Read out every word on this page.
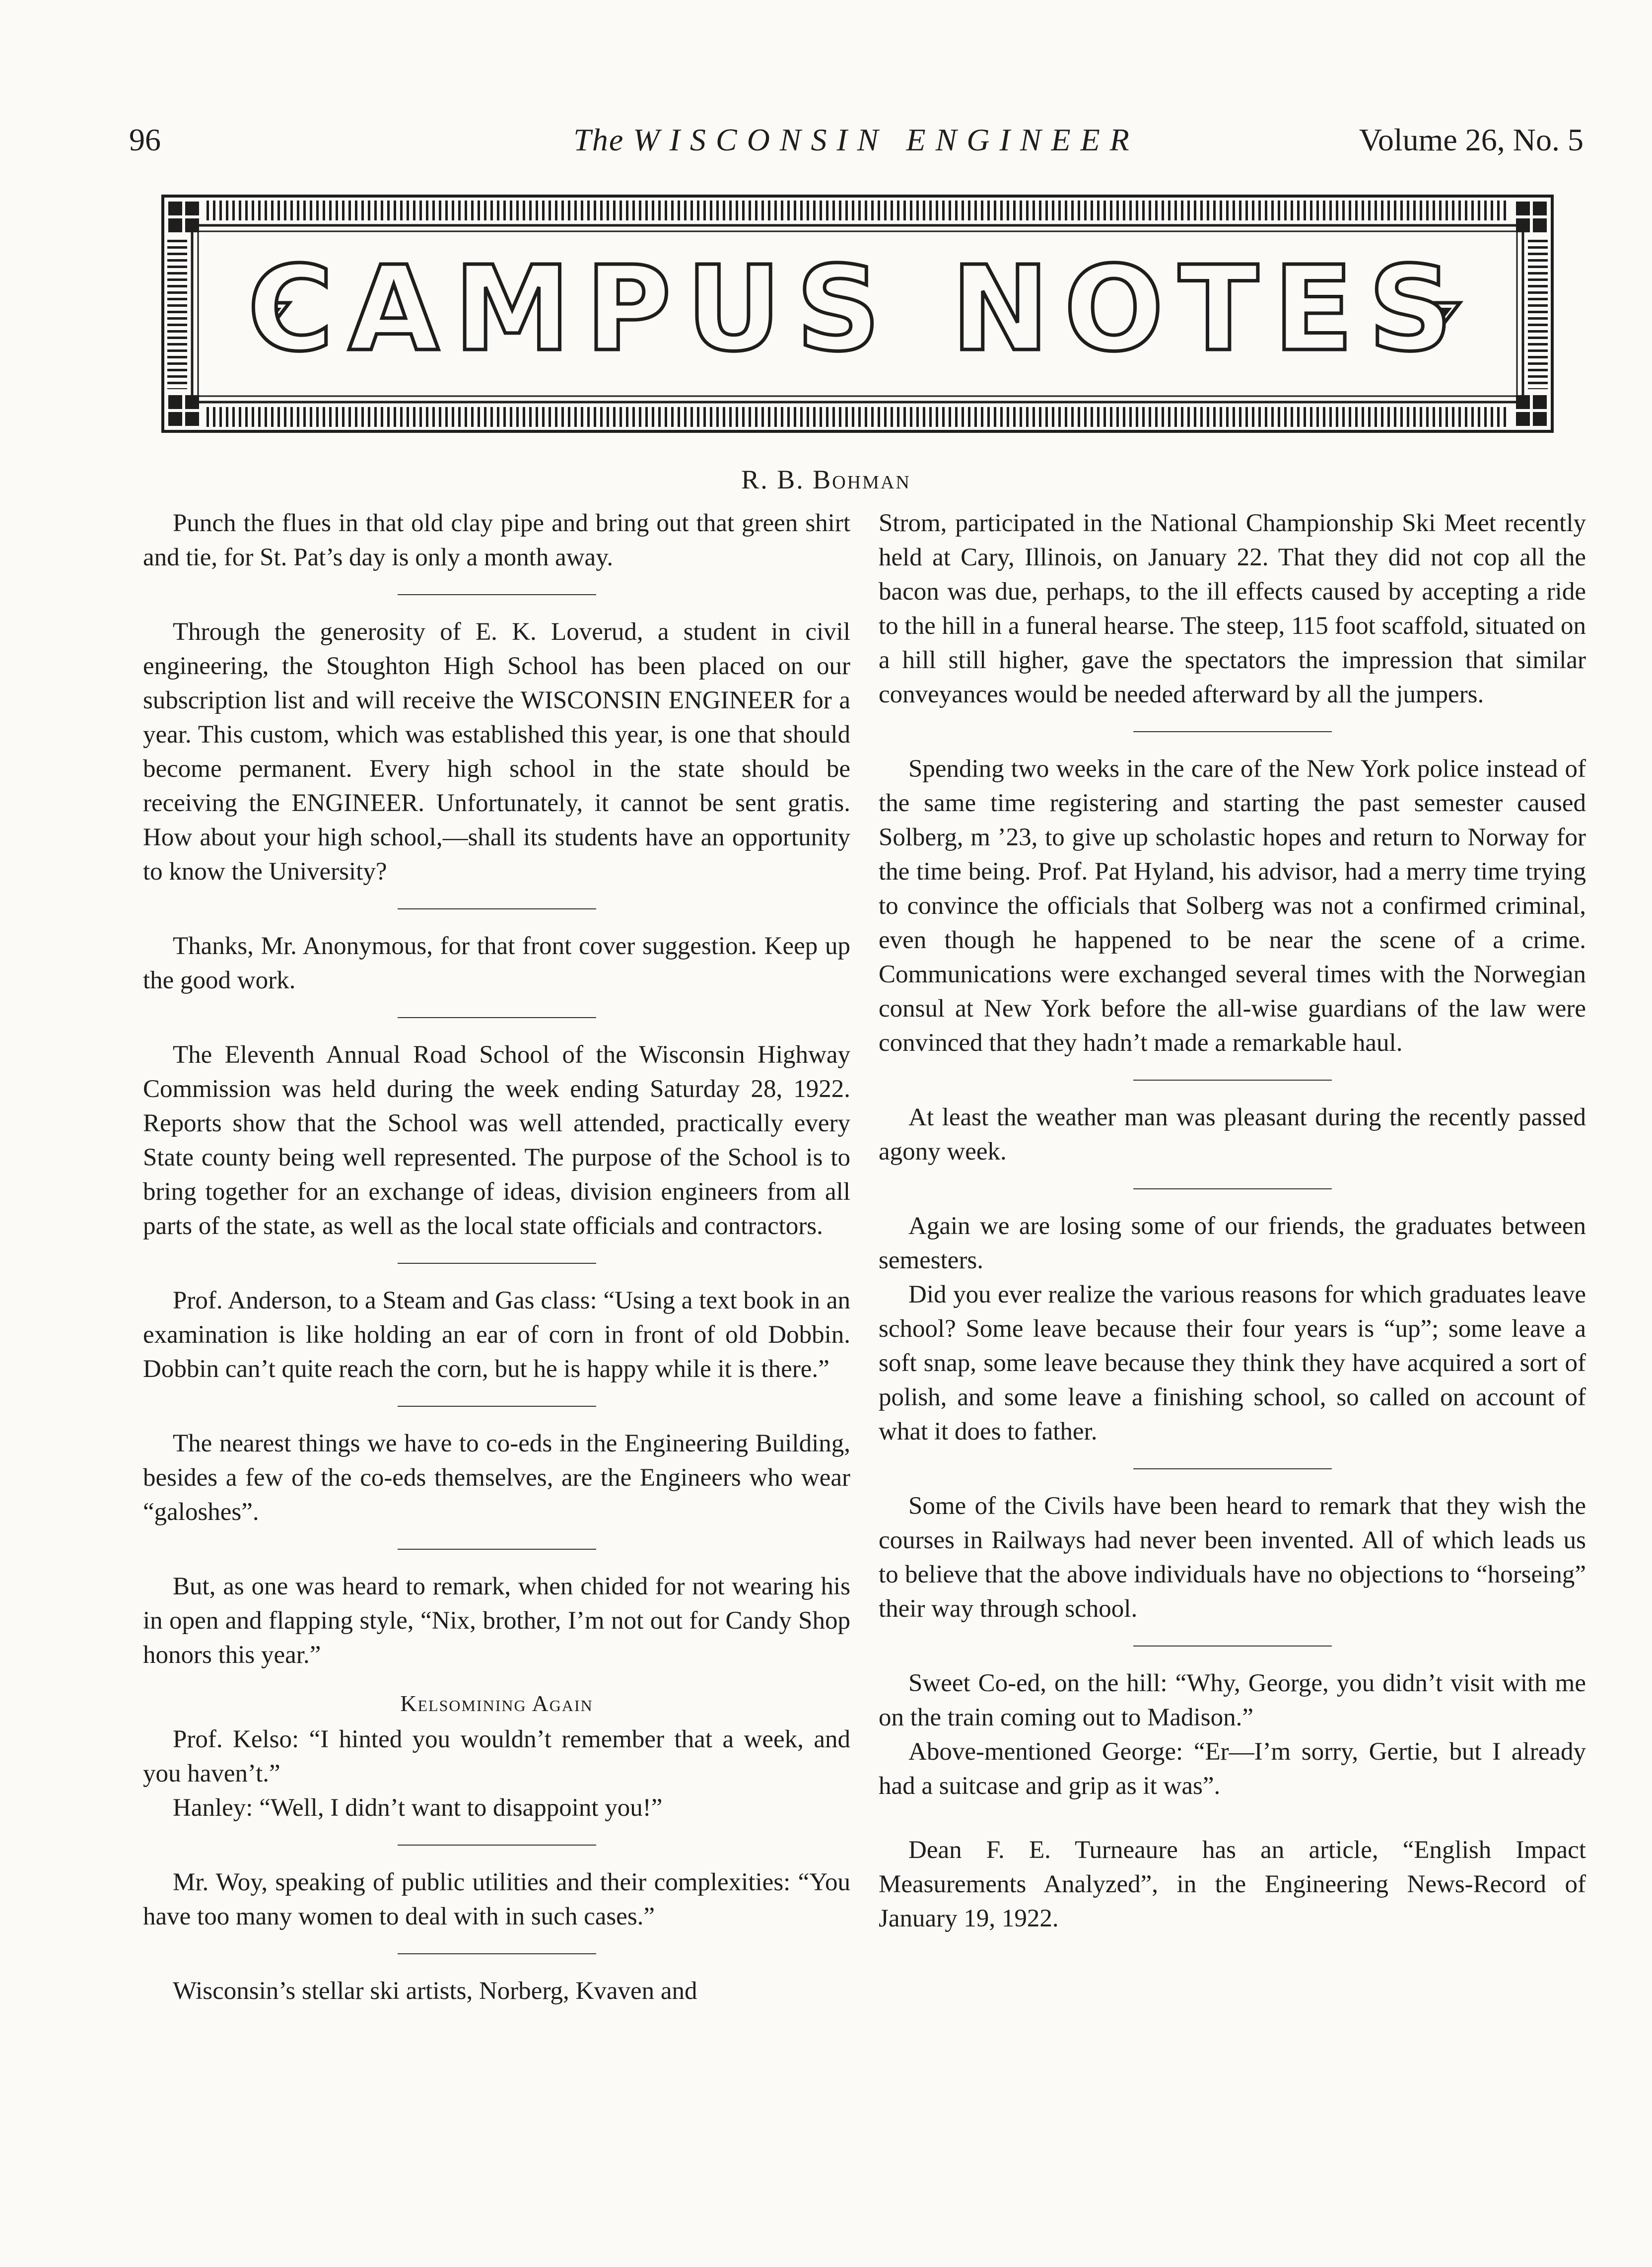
96	The WISCONSIN ENGINEER	Volume 26, No. 5
CAMPUS NOTES
R. B. Bohman

Punch the flues in that old clay pipe and bring out that green shirt and tie, for St. Pat’s day is only a month away.

Through the generosity of E. K. Loverud, a student in civil engineering, the Stoughton High School has been placed on our subscription list and will receive the WISCONSIN ENGINEER for a year. This custom, which was established this year, is one that should become permanent. Every high school in the state should be receiving the ENGINEER. Unfortunately, it cannot be sent gratis. How about your high school,—shall its students have an opportunity to know the University?

Thanks, Mr. Anonymous, for that front cover suggestion. Keep up the good work.

The Eleventh Annual Road School of the Wisconsin Highway Commission was held during the week ending Saturday 28, 1922. Reports show that the School was well attended, practically every State county being well represented. The purpose of the School is to bring together for an exchange of ideas, division engineers from all parts of the state, as well as the local state officials and contractors.

Prof. Anderson, to a Steam and Gas class: “Using a text book in an examination is like holding an ear of corn in front of old Dobbin. Dobbin can’t quite reach the corn, but he is happy while it is there.”

The nearest things we have to co-eds in the Engineering Building, besides a few of the co-eds themselves, are the Engineers who wear “galoshes”.

But, as one was heard to remark, when chided for not wearing his in open and flapping style, “Nix, brother, I’m not out for Candy Shop honors this year.”

Kelsomining Again

Prof. Kelso: “I hinted you wouldn’t remember that a week, and you haven’t.”

Hanley: “Well, I didn’t want to disappoint you!”

Mr. Woy, speaking of public utilities and their complexities: “You have too many women to deal with in such cases.”

Wisconsin’s stellar ski artists, Norberg, Kvaven and

Strom, participated in the National Championship Ski Meet recently held at Cary, Illinois, on January 22. That they did not cop all the bacon was due, perhaps, to the ill effects caused by accepting a ride to the hill in a funeral hearse. The steep, 115 foot scaffold, situated on a hill still higher, gave the spectators the impression that similar conveyances would be needed afterward by all the jumpers.

Spending two weeks in the care of the New York police instead of the same time registering and starting the past semester caused Solberg, m ’23, to give up scholastic hopes and return to Norway for the time being. Prof. Pat Hyland, his advisor, had a merry time trying to convince the officials that Solberg was not a confirmed criminal, even though he happened to be near the scene of a crime. Communications were exchanged several times with the Norwegian consul at New York before the all-wise guardians of the law were convinced that they hadn’t made a remarkable haul.

At least the weather man was pleasant during the recently passed agony week.

Again we are losing some of our friends, the graduates between semesters.

Did you ever realize the various reasons for which graduates leave school? Some leave because their four years is “up”; some leave a soft snap, some leave because they think they have acquired a sort of polish, and some leave a finishing school, so called on account of what it does to father.

Some of the Civils have been heard to remark that they wish the courses in Railways had never been invented. All of which leads us to believe that the above individuals have no objections to “horseing” their way through school.

Sweet Co-ed, on the hill: “Why, George, you didn’t visit with me on the train coming out to Madison.”

Above-mentioned George: “Er—I’m sorry, Gertie, but I already had a suitcase and grip as it was”.

Dean F. E. Turneaure has an article, “English Impact Measurements Analyzed”, in the Engineering News-Record of January 19, 1922.
